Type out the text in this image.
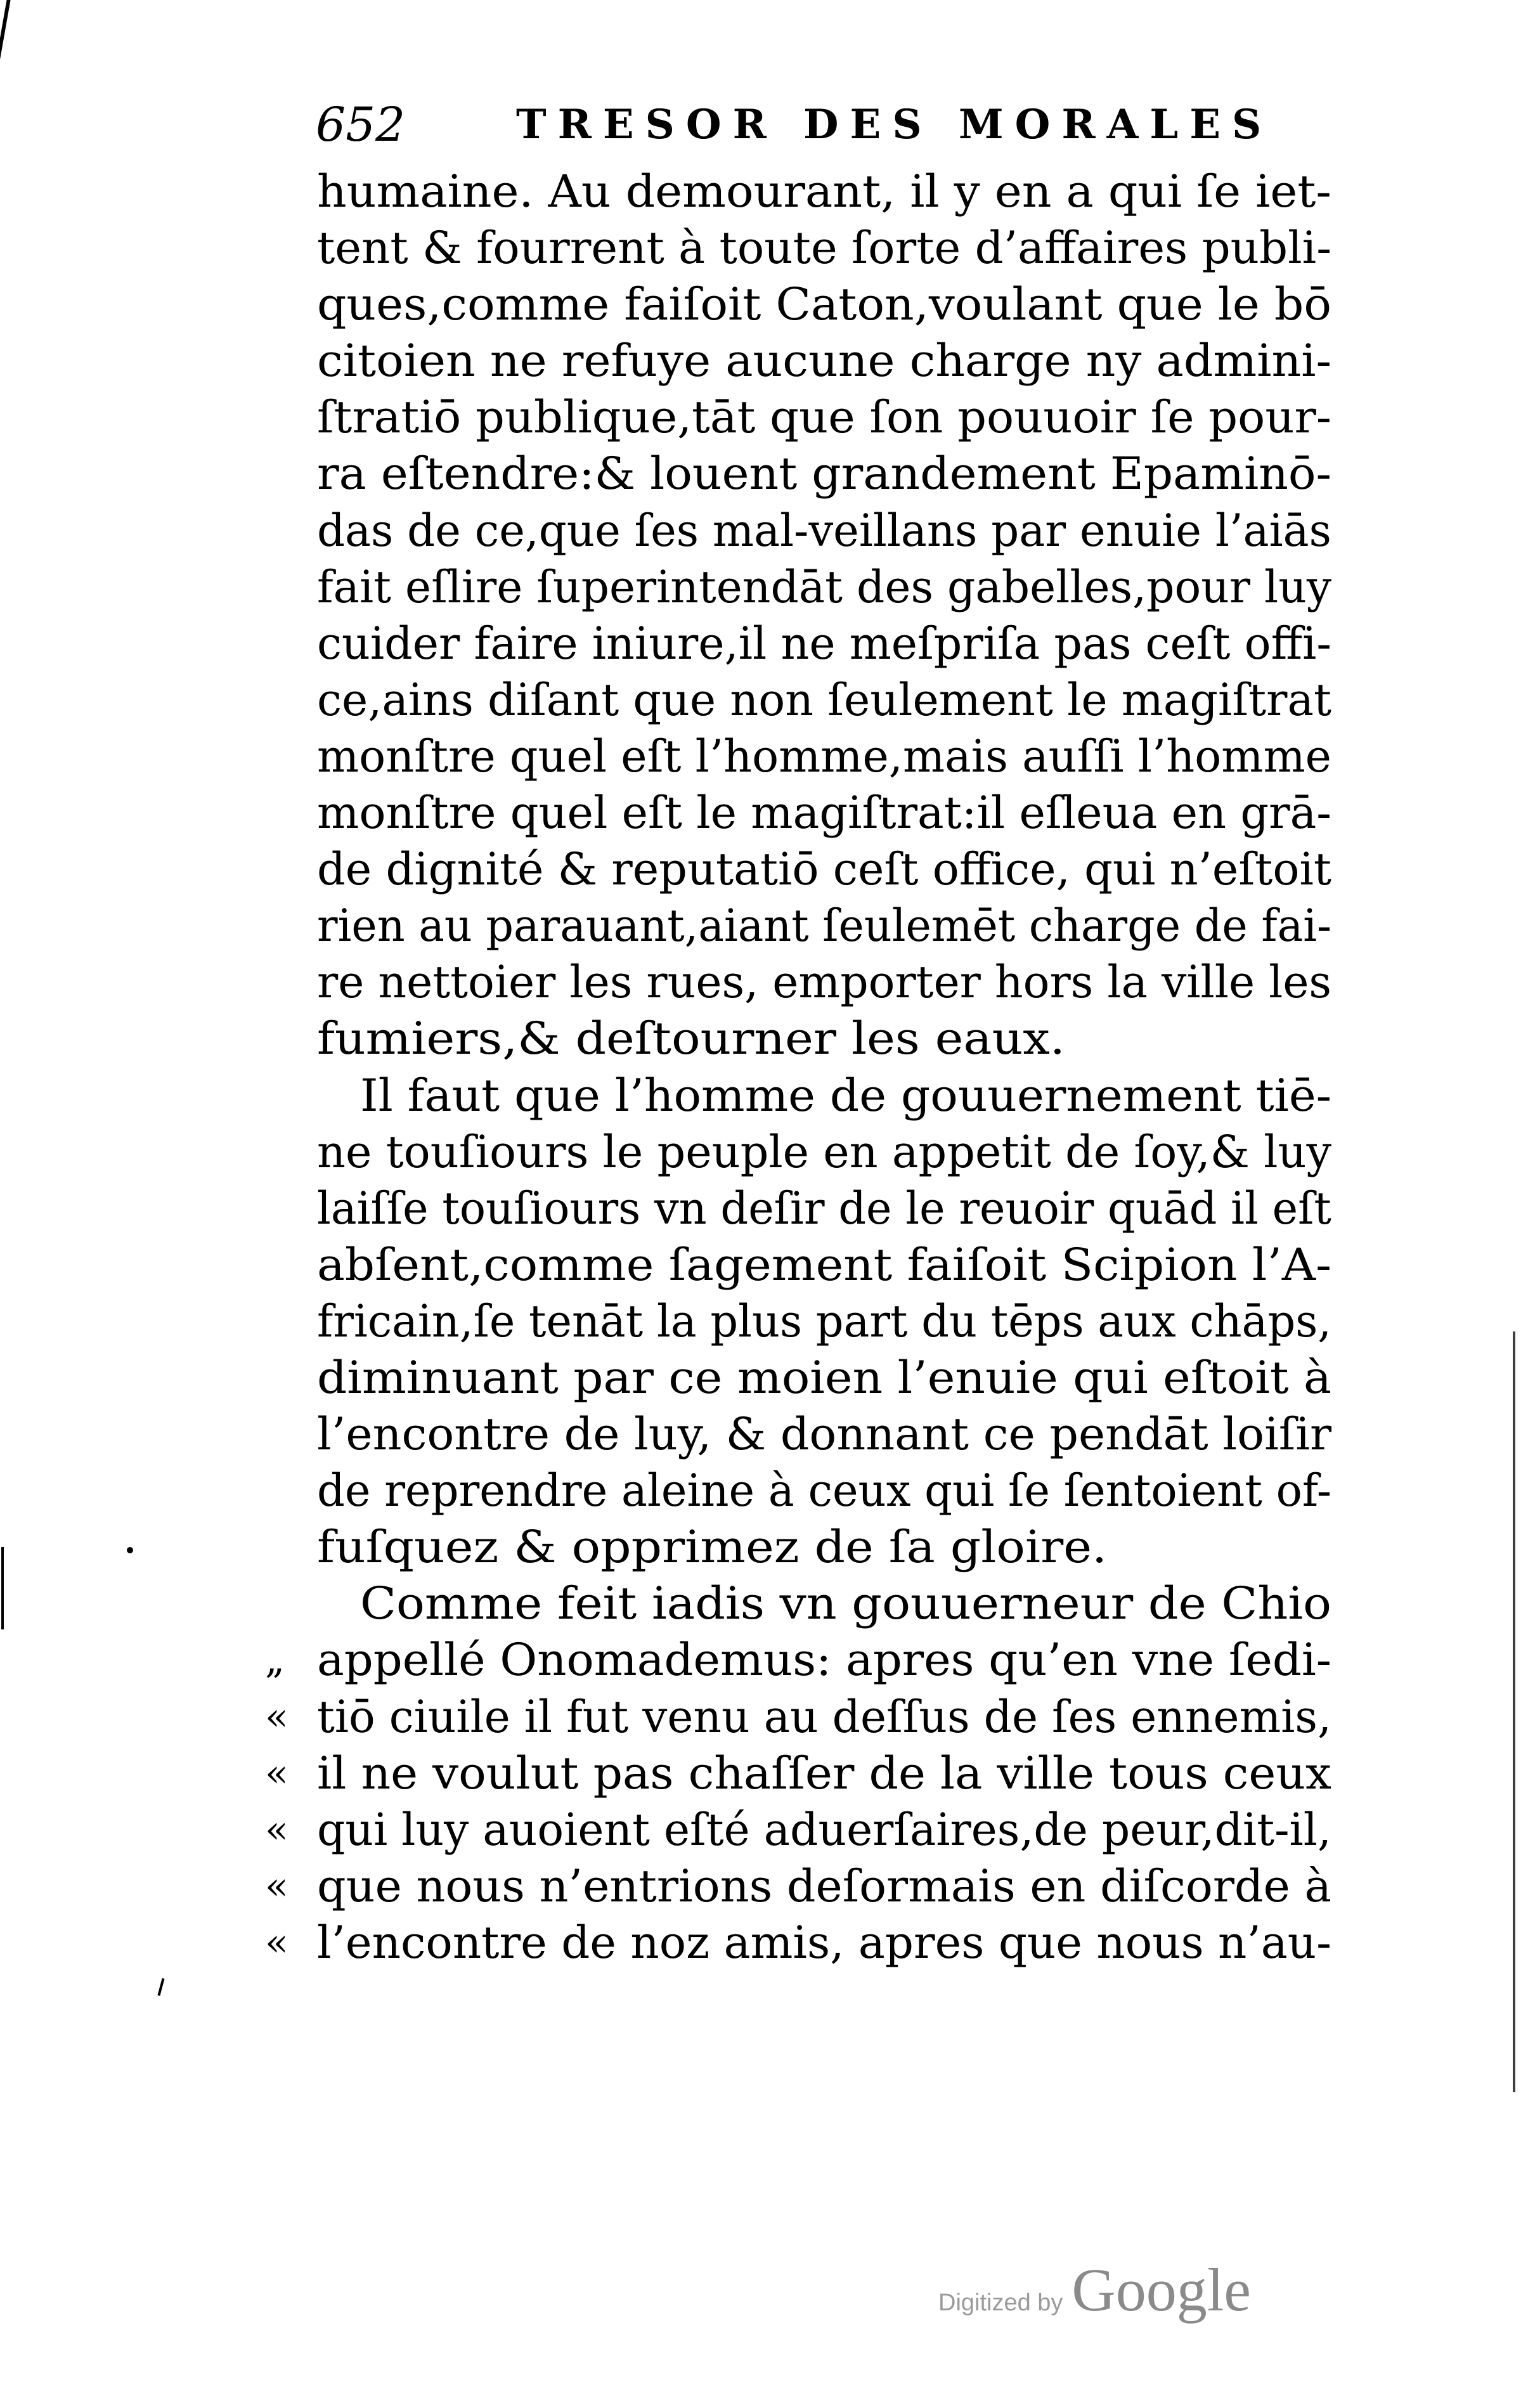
652	TRESOR DES MORALES
humaine. Au demourant, il y en a qui ſe iet-
tent & fourrent à toute ſorte d’affaires publi-
ques,comme faiſoit Caton,voulant que le bō
citoien ne refuye aucune charge ny admini-
ſtratiō publique,tāt que ſon pouuoir ſe pour-
ra eſtendre:& louent grandement Epaminō-
das de ce,que ſes mal-veillans par enuie l’aiās
fait eſlire ſuperintendāt des gabelles,pour luy
cuider faire iniure,il ne meſpriſa pas ceſt offi-
ce,ains diſant que non ſeulement le magiſtrat
monſtre quel eſt l’homme,mais auſſi l’homme
monſtre quel eſt le magiſtrat:il eſleua en grā-
de dignité & reputatiō ceſt office, qui n’eſtoit
rien au parauant,aiant ſeulemēt charge de fai-
re nettoier les rues, emporter hors la ville les
fumiers,& deſtourner les eaux.
Il faut que l’homme de gouuernement tiē-
ne touſiours le peuple en appetit de ſoy,& luy
laiſſe touſiours vn deſir de le reuoir quād il eſt
abſent,comme ſagement faiſoit Scipion l’A-
fricain,ſe tenāt la plus part du tēps aux chāps,
diminuant par ce moien l’enuie qui eſtoit à
l’encontre de luy, & donnant ce pendāt loiſir
de reprendre aleine à ceux qui ſe ſentoient of-
fuſquez & opprimez de ſa gloire.
Comme feit iadis vn gouuerneur de Chio
„ appellé Onomademus: apres qu’en vne ſedi-
« tiō ciuile il fut venu au deſſus de ſes ennemis,
« il ne voulut pas chaſſer de la ville tous ceux
« qui luy auoient eſté aduerſaires,de peur,dit-il,
« que nous n’entrions deſormais en diſcorde à
« l’encontre de noz amis, apres que nous n’au-
Digitized by Google
